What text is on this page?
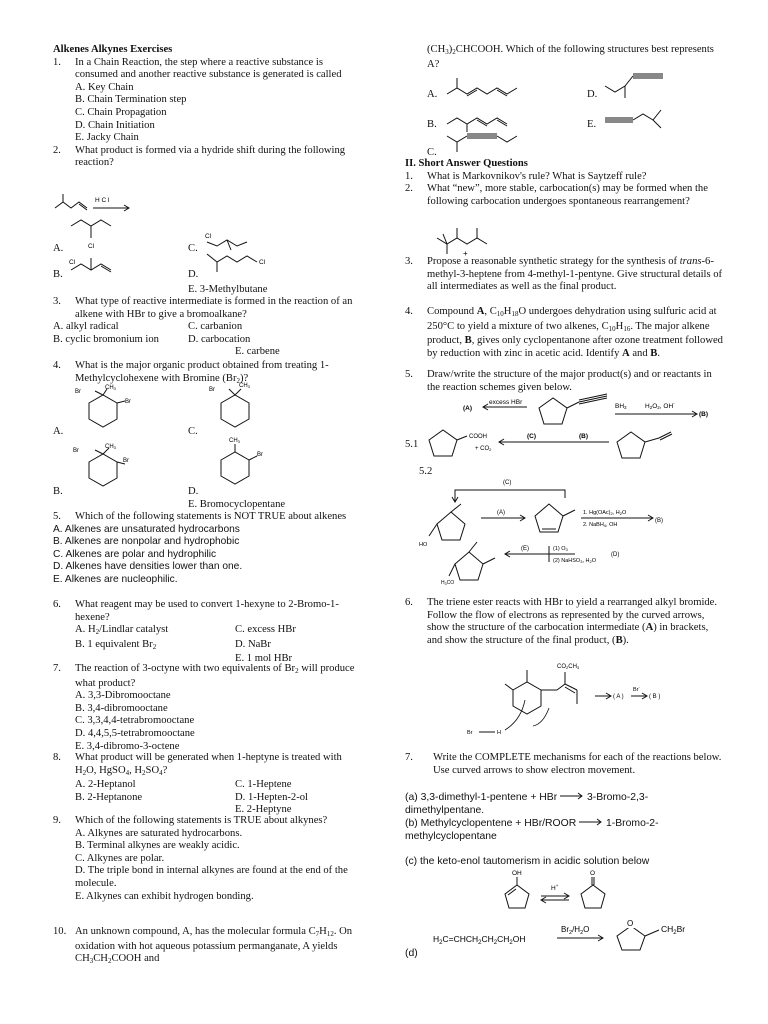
Alkenes Alkynes Exercises

1.	In a Chain Reaction, the step where a reactive substance is consumed and another reactive substance is generated is called

A. Key Chain

B. Chain Termination step

C. Chain Propagation

D. Chain Initiation

E. Jacky Chain

2.	What product is formed via a hydride shift during the following reaction?
H C l
A.	Cl	C.
Cl
B.
Cl
D.
Cl

E. 3-Methylbutane

3.	What type of reactive intermediate is formed in the reaction of an alkene with HBr to give a bromoalkane?
A. alkyl radical	C. carbanion
B. cyclic bromonium ion	D. carbocation

E. carbene

4.	What is the major organic product obtained from treating 1-Methylcyclohexene with Bromine $(Br_2)$?
A.
Br
CH3
Br
C.
Br
CH3
B.
Br
CH3
Br
D.
CH3
Br

E. Bromocyclopentane

5.	Which of the following statements is NOT TRUE about alkenes

A. Alkenes are unsaturated hydrocarbons

B. Alkenes are nonpolar and hydrophobic

C. Alkenes are polar and hydrophilic

D. Alkenes have densities lower than one.

E. Alkenes are nucleophilic.

6.	What reagent may be used to convert 1-hexyne to 2-Bromo-1-hexene?
A. $H_2$/Lindlar catalyst	C. excess HBr
B. 1 equivalent $Br_2$	D. NaBr

E. 1 mol HBr

7.	The reaction of 3-octyne with two equivalents of $Br_2$ will produce what product?

A. 3,3-Dibromooctane

B. 3,4-dibromooctane

C. 3,3,4,4-tetrabromooctane

D. 4,4,5,5-tetrabromooctane

E. 3,4-dibromo-3-octene

8.	What product will be generated when 1-heptyne is treated with $H_2O$, HgSO$_4$, $H_2SO_4$?
A. 2-Heptanol	C. 1-Heptene
B. 2-Heptanone	D. 1-Hepten-2-ol

E. 2-Heptyne

9.	Which of the following statements is TRUE about alkynes?

A. Alkynes are saturated hydrocarbons.

B. Terminal alkynes are weakly acidic.

C. Alkynes are polar.

D. The triple bond in internal alkynes are found at the end of the molecule.

E. Alkynes can exhibit hydrogen bonding.

10. An unknown compound, A, has the molecular formula $C_7H_{12}$. On oxidation with hot aqueous potassium permanganate, A yields $CH_3CH_2COOH$ and
$(CH_3)_2CHCOOH$. Which of the following structures best represents A?
A.	D.
B.	E.
C.

II. Short Answer Questions

1.	What is Markovnikov's rule? What is Saytzeff rule?
2.	What “new”, more stable, carbocation(s) may be formed when the following carbocation undergoes spontaneous rearrangement?
+
3.	Propose a reasonable synthetic strategy for the synthesis of trans-6-methyl-3-heptene from 4-methyl-1-pentyne. Give structural details of all intermediates as well as the final product.
4.	Compound A, $C_{10}H_{18}O$ undergoes dehydration using sulfuric acid at 250°C to yield a mixture of two alkenes, $C_{10}H_{16}$. The major alkene product, B, gives only cyclopentanone after ozone treatment followed by reduction with zinc in acetic acid. Identify A and B.
5.	Draw/write the structure of the major product(s) and or reactants in the reaction schemes given below.
5.1
(A)
excess HBr
BH3	H2O2, OH-
(B)
COOH
+ CO2
(C)	(B)
5.2
(C)
HO
(A)	1. Hg(OAc)2, H2O
2. NaBH4, OH
(B)
$H_3CO$
(E)	(1) O3
(2) NaHSO3, H2O
(D)
6.	The triene ester reacts with HBr to yield a rearranged alkyl bromide. Follow the flow of electrons as represented by the curved arrows, show the structure of the carbocation intermediate (A) in brackets, and show the structure of the final product, (B).
CO2CH3
( A )
Br-
( B )
Br	H
7.	Write the COMPLETE mechanisms for each of the reactions below. Use curved arrows to show electron movement.
(a) 3,3-dimethyl-1-pentene + HBr → 3-Bromo-2,3-dimethylpentane.
(b) Methylcyclopentene + HBr/ROOR → 1-Bromo-2-methylcyclopentane

(c) the keto-enol tautomerism in acidic solution below

OH
H+
O
(d)
$H_2C=CHCH_2CH_2CH_2OH$
$Br_2/H_2O$
O
$CH_2Br$
